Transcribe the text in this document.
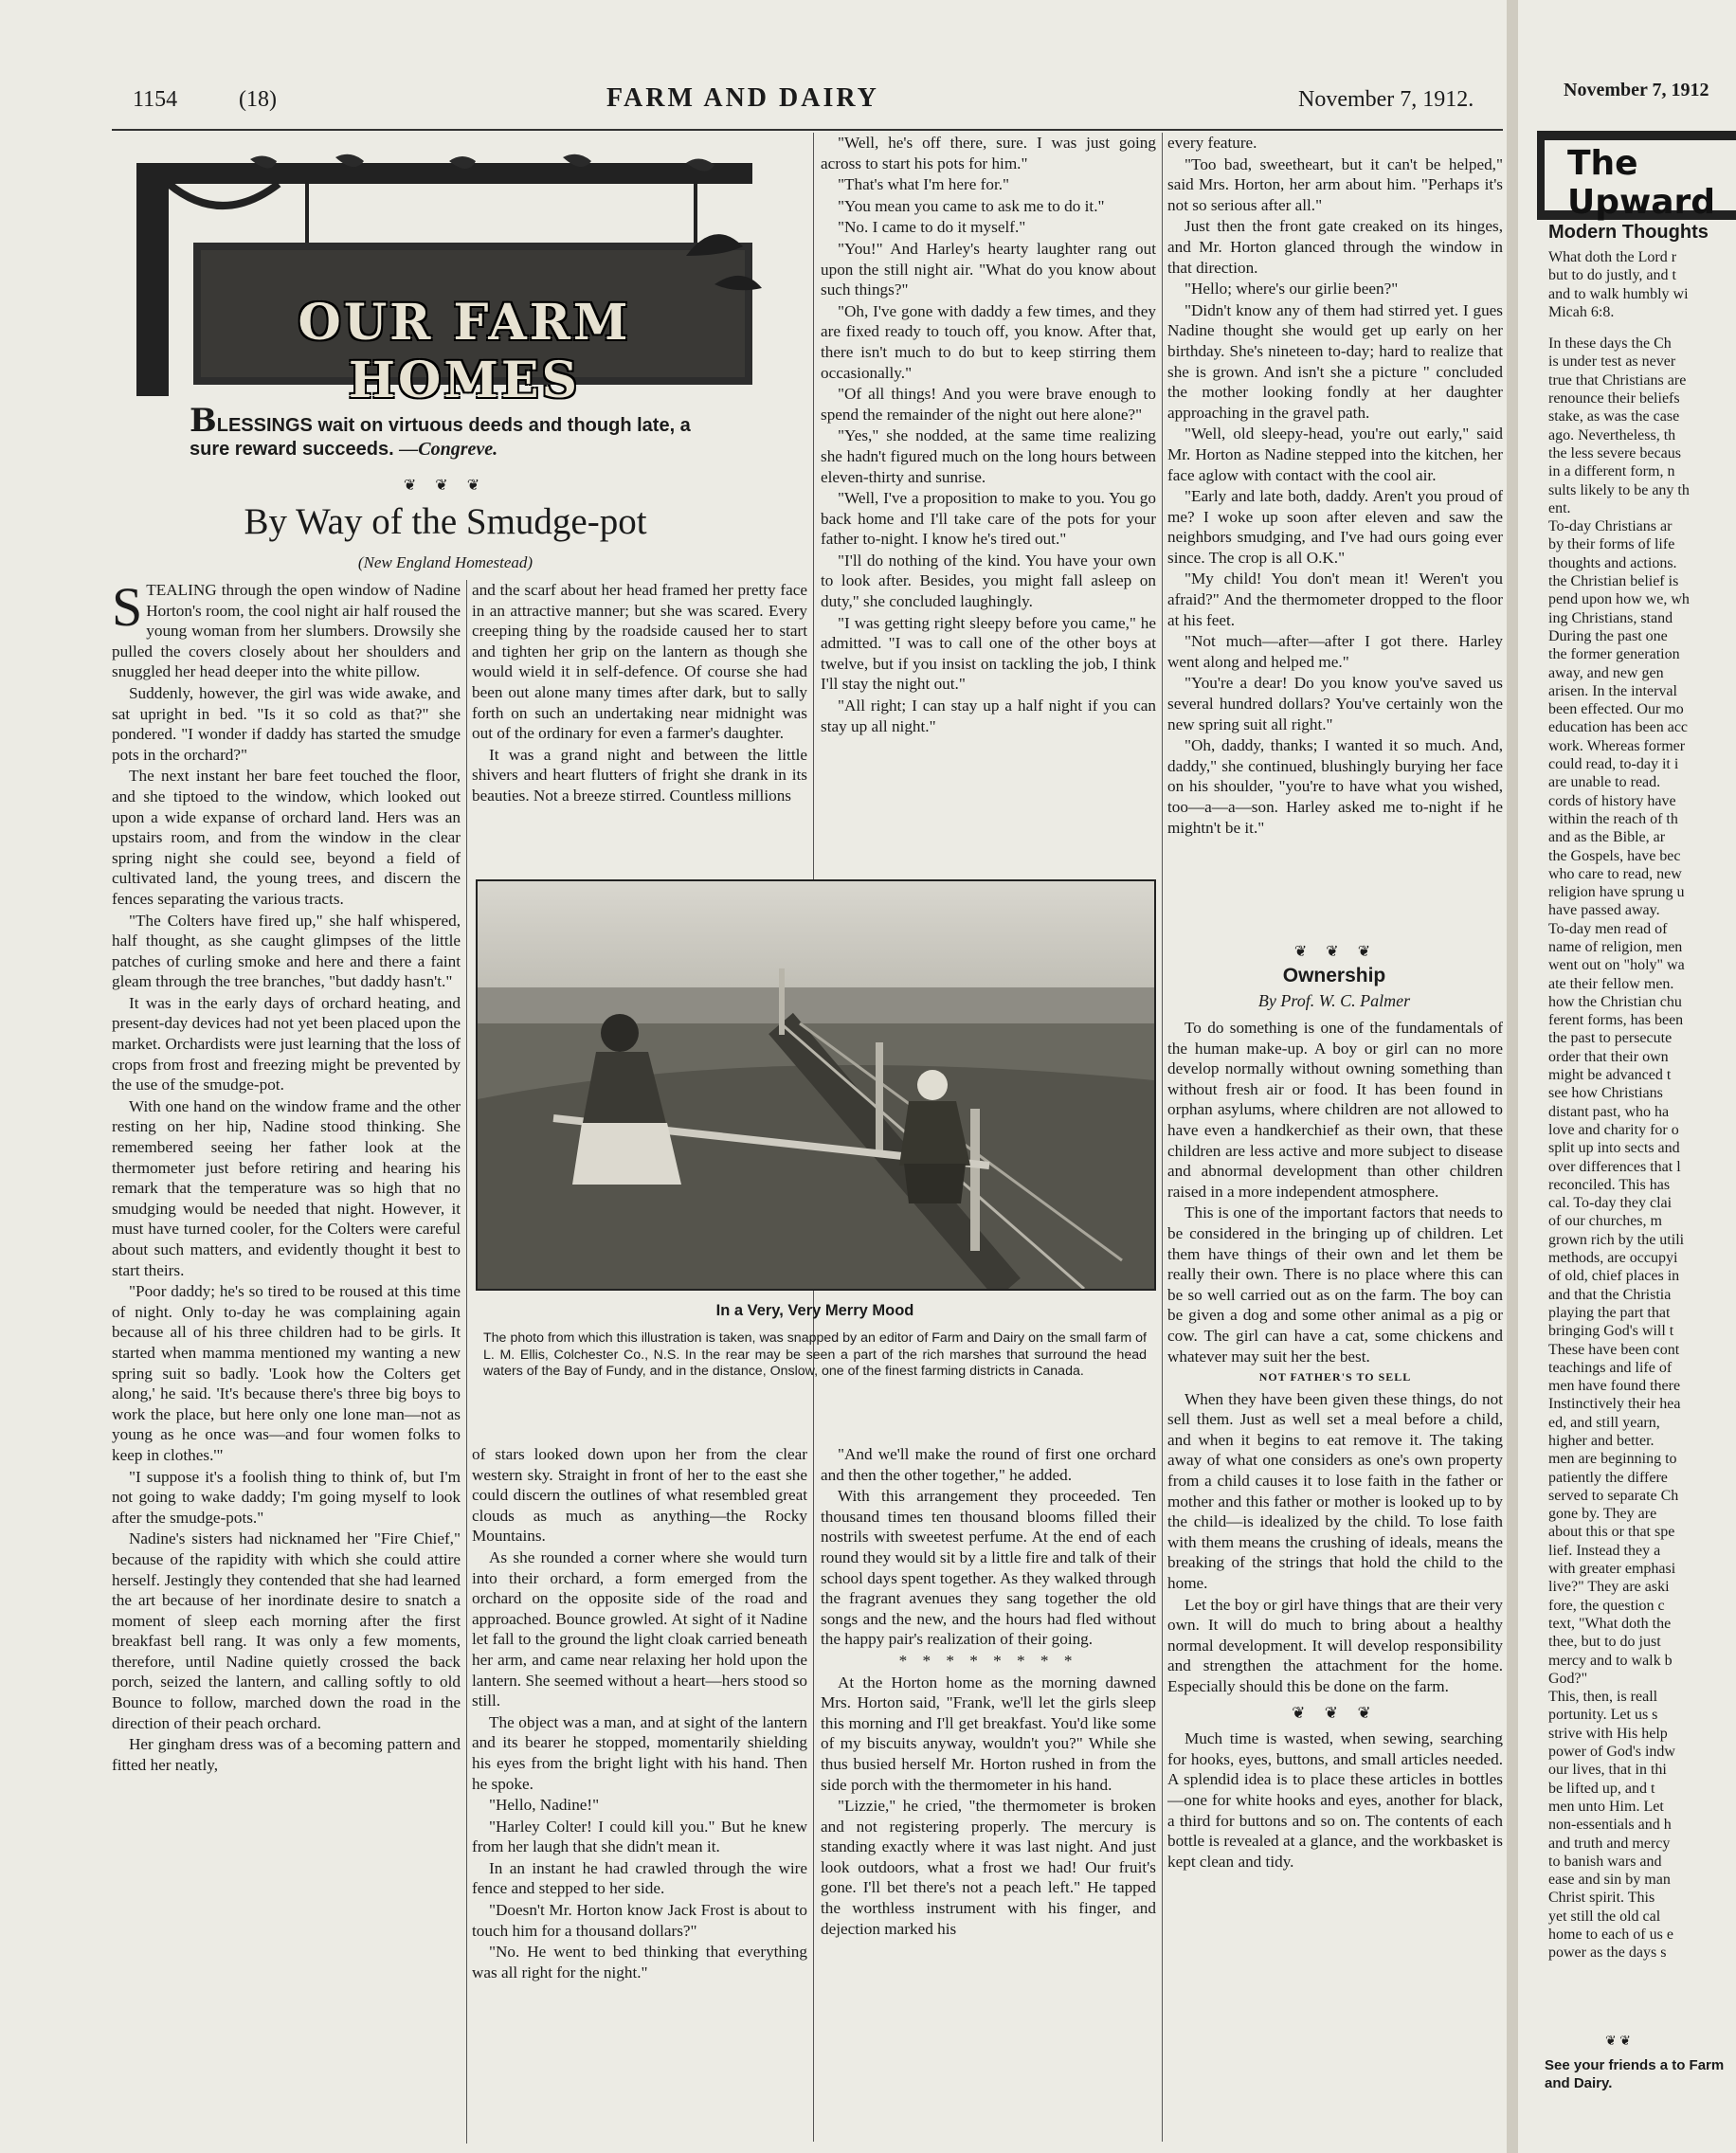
1154	(18)	FARM AND DAIRY	November 7, 1912.
OUR FARM HOMES
BLESSINGS wait on virtuous deeds and though late, a sure reward succeeds. —Congreve.
❦ ❦ ❦
By Way of the Smudge-pot
(New England Homestead)

STEALING through the open window of Nadine Horton's room, the cool night air half roused the young woman from her slumbers. Drowsily she pulled the covers closely about her shoulders and snuggled her head deeper into the white pillow.

Suddenly, however, the girl was wide awake, and sat upright in bed. "Is it so cold as that?" she pondered. "I wonder if daddy has started the smudge pots in the orchard?"

The next instant her bare feet touched the floor, and she tiptoed to the window, which looked out upon a wide expanse of orchard land. Hers was an upstairs room, and from the window in the clear spring night she could see, beyond a field of cultivated land, the young trees, and discern the fences separating the various tracts.

"The Colters have fired up," she half whispered, half thought, as she caught glimpses of the little patches of curling smoke and here and there a faint gleam through the tree branches, "but daddy hasn't."

It was in the early days of orchard heating, and present-day devices had not yet been placed upon the market. Orchardists were just learning that the loss of crops from frost and freezing might be prevented by the use of the smudge-pot.

With one hand on the window frame and the other resting on her hip, Nadine stood thinking. She remembered seeing her father look at the thermometer just before retiring and hearing his remark that the temperature was so high that no smudging would be needed that night. However, it must have turned cooler, for the Colters were careful about such matters, and evidently thought it best to start theirs.

"Poor daddy; he's so tired to be roused at this time of night. Only to-day he was complaining again because all of his three children had to be girls. It started when mamma mentioned my wanting a new spring suit so badly. 'Look how the Colters get along,' he said. 'It's because there's three big boys to work the place, but here only one lone man—not as young as he once was—and four women folks to keep in clothes.'"

"I suppose it's a foolish thing to think of, but I'm not going to wake daddy; I'm going myself to look after the smudge-pots."

Nadine's sisters had nicknamed her "Fire Chief," because of the rapidity with which she could attire herself. Jestingly they contended that she had learned the art because of her inordinate desire to snatch a moment of sleep each morning after the first breakfast bell rang. It was only a few moments, therefore, until Nadine quietly crossed the back porch, seized the lantern, and calling softly to old Bounce to follow, marched down the road in the direction of their peach orchard.

Her gingham dress was of a becoming pattern and fitted her neatly,

and the scarf about her head framed her pretty face in an attractive manner; but she was scared. Every creeping thing by the roadside caused her to start and tighten her grip on the lantern as though she would wield it in self-defence. Of course she had been out alone many times after dark, but to sally forth on such an undertaking near midnight was out of the ordinary for even a farmer's daughter.

It was a grand night and between the little shivers and heart flutters of fright she drank in its beauties. Not a breeze stirred. Countless millions

"Well, he's off there, sure. I was just going across to start his pots for him."

"That's what I'm here for."

"You mean you came to ask me to do it."

"No. I came to do it myself."

"You!" And Harley's hearty laughter rang out upon the still night air. "What do you know about such things?"

"Oh, I've gone with daddy a few times, and they are fixed ready to touch off, you know. After that, there isn't much to do but to keep stirring them occasionally."

"Of all things! And you were brave enough to spend the remainder of the night out here alone?"

"Yes," she nodded, at the same time realizing she hadn't figured much on the long hours between eleven-thirty and sunrise.

"Well, I've a proposition to make to you. You go back home and I'll take care of the pots for your father to-night. I know he's tired out."

"I'll do nothing of the kind. You have your own to look after. Besides, you might fall asleep on duty," she concluded laughingly.

"I was getting right sleepy before you came," he admitted. "I was to call one of the other boys at twelve, but if you insist on tackling the job, I think I'll stay the night out."

"All right; I can stay up a half night if you can stay up all night."

In a Very, Very Merry Mood
The photo from which this illustration is taken, was snapped by an editor of Farm and Dairy on the small farm of L. M. Ellis, Colchester Co., N.S. In the rear may be seen a part of the rich marshes that surround the head waters of the Bay of Fundy, and in the distance, Onslow, one of the finest farming districts in Canada.

of stars looked down upon her from the clear western sky. Straight in front of her to the east she could discern the outlines of what resembled great clouds as much as anything—the Rocky Mountains.

As she rounded a corner where she would turn into their orchard, a form emerged from the orchard on the opposite side of the road and approached. Bounce growled. At sight of it Nadine let fall to the ground the light cloak carried beneath her arm, and came near relaxing her hold upon the lantern. She seemed without a heart—hers stood so still.

The object was a man, and at sight of the lantern and its bearer he stopped, momentarily shielding his eyes from the bright light with his hand. Then he spoke.

"Hello, Nadine!"

"Harley Colter! I could kill you." But he knew from her laugh that she didn't mean it.

In an instant he had crawled through the wire fence and stepped to her side.

"Doesn't Mr. Horton know Jack Frost is about to touch him for a thousand dollars?"

"No. He went to bed thinking that everything was all right for the night."

"And we'll make the round of first one orchard and then the other together," he added.

With this arrangement they proceeded. Ten thousand times ten thousand blooms filled their nostrils with sweetest perfume. At the end of each round they would sit by a little fire and talk of their school days spent together. As they walked through the fragrant avenues they sang together the old songs and the new, and the hours had fled without the happy pair's realization of their going.

* * * * * * * *

At the Horton home as the morning dawned Mrs. Horton said, "Frank, we'll let the girls sleep this morning and I'll get breakfast. You'd like some of my biscuits anyway, wouldn't you?" While she thus busied herself Mr. Horton rushed in from the side porch with the thermometer in his hand.

"Lizzie," he cried, "the thermometer is broken and not registering properly. The mercury is standing exactly where it was last night. And just look outdoors, what a frost we had! Our fruit's gone. I'll bet there's not a peach left." He tapped the worthless instrument with his finger, and dejection marked his

every feature.

"Too bad, sweetheart, but it can't be helped," said Mrs. Horton, her arm about him. "Perhaps it's not so serious after all."

Just then the front gate creaked on its hinges, and Mr. Horton glanced through the window in that direction.

"Hello; where's our girlie been?"

"Didn't know any of them had stirred yet. I gues Nadine thought she would get up early on her birthday. She's nineteen to-day; hard to realize that she is grown. And isn't she a picture " concluded the mother looking fondly at her daughter approaching in the gravel path.

"Well, old sleepy-head, you're out early," said Mr. Horton as Nadine stepped into the kitchen, her face aglow with contact with the cool air.

"Early and late both, daddy. Aren't you proud of me? I woke up soon after eleven and saw the neighbors smudging, and I've had ours going ever since. The crop is all O.K."

"My child! You don't mean it! Weren't you afraid?" And the thermometer dropped to the floor at his feet.

"Not much—after—after I got there. Harley went along and helped me."

"You're a dear! Do you know you've saved us several hundred dollars? You've certainly won the new spring suit all right."

"Oh, daddy, thanks; I wanted it so much. And, daddy," she continued, blushingly burying her face on his shoulder, "you're to have what you wished, too—a—a—son. Harley asked me to-night if he mightn't be it."

❦ ❦ ❦
Ownership
By Prof. W. C. Palmer

To do something is one of the fundamentals of the human make-up. A boy or girl can no more develop normally without owning something than without fresh air or food. It has been found in orphan asylums, where children are not allowed to have even a handkerchief as their own, that these children are less active and more subject to disease and abnormal development than other children raised in a more independent atmosphere.

This is one of the important factors that needs to be considered in the bringing up of children. Let them have things of their own and let them be really their own. There is no place where this can be so well carried out as on the farm. The boy can be given a dog and some other animal as a pig or cow. The girl can have a cat, some chickens and whatever may suit her the best.

NOT FATHER'S TO SELL

When they have been given these things, do not sell them. Just as well set a meal before a child, and when it begins to eat remove it. The taking away of what one considers as one's own property from a child causes it to lose faith in the father or mother and this father or mother is looked up to by the child—is idealized by the child. To lose faith with them means the crushing of ideals, means the breaking of the strings that hold the child to the home.

Let the boy or girl have things that are their very own. It will do much to bring about a healthy normal development. It will develop responsibility and strengthen the attachment for the home. Especially should this be done on the farm.

❦ ❦ ❦

Much time is wasted, when sewing, searching for hooks, eyes, buttons, and small articles needed. A splendid idea is to place these articles in bottles—one for white hooks and eyes, another for black, a third for buttons and so on. The contents of each bottle is revealed at a glance, and the workbasket is kept clean and tidy.

November 7, 1912
The Upward
Modern Thoughts

What doth the Lord r

but to do justly, and t

and to walk humbly wi

Micah 6:8.

In these days the Ch

is under test as never

true that Christians are

renounce their beliefs

stake, as was the case

ago. Nevertheless, th

the less severe becaus

in a different form, n

sults likely to be any th

ent.

To-day Christians ar

by their forms of life

thoughts and actions.

the Christian belief is

pend upon how we, wh

ing Christians, stand

During the past one

the former generation

away, and new gen

arisen. In the interval

been effected. Our mo

education has been acc

work. Whereas former

could read, to-day it i

are unable to read.

cords of history have

within the reach of th

and as the Bible, ar

the Gospels, have bec

who care to read, new

religion have sprung u

have passed away.

To-day men read of

name of religion, men

went out on "holy" wa

ate their fellow men.

how the Christian chu

ferent forms, has been

the past to persecute

order that their own

might be advanced t

see how Christians

distant past, who ha

love and charity for o

split up into sects and

over differences that l

reconciled. This has

cal. To-day they clai

of our churches, m

grown rich by the utili

methods, are occupyi

of old, chief places in

and that the Christia

playing the part that

bringing God's will t

These have been cont

teachings and life of

men have found there

Instinctively their hea

ed, and still yearn,

higher and better.

men are beginning to

patiently the differe

served to separate Ch

gone by. They are

about this or that spe

lief. Instead they a

with greater emphasi

live?" They are aski

fore, the question c

text, "What doth the

thee, but to do just

mercy and to walk b

God?"

This, then, is reall

portunity. Let us s

strive with His help

power of God's indw

our lives, that in thi

be lifted up, and t

men unto Him. Let

non-essentials and h

and truth and mercy

to banish wars and

ease and sin by man

Christ spirit. This

yet still the old cal

home to each of us e

power as the days s

❦ ❦
See your friends a to Farm and Dairy.
